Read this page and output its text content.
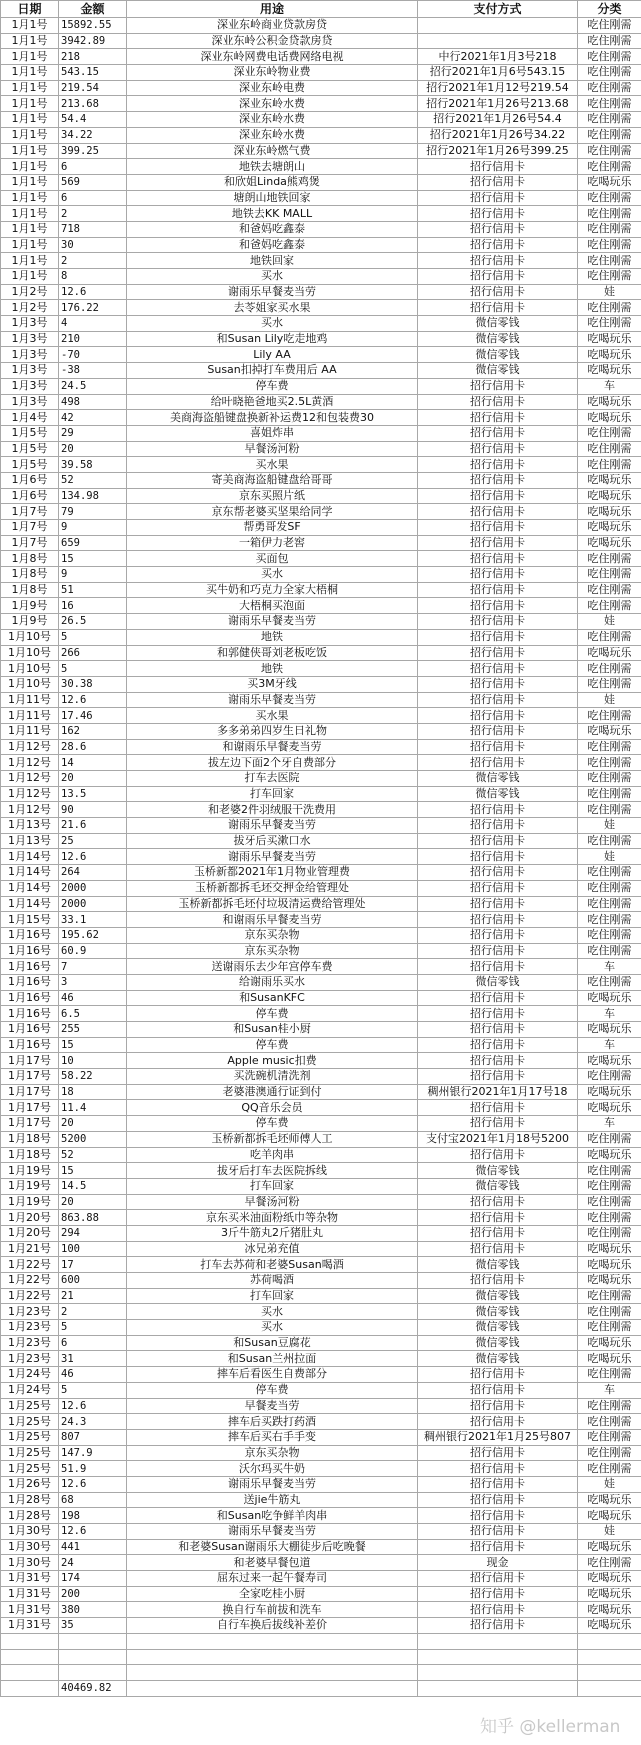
日期	金额	用途	支付方式	分类
1月1号	15892.55	深业东岭商业贷款房贷		吃住刚需
1月1号	3942.89	深业东岭公积金贷款房贷		吃住刚需
1月1号	218	深业东岭网费电话费网络电视	中行2021年1月3号218	吃住刚需
1月1号	543.15	深业东岭物业费	招行2021年1月6号543.15	吃住刚需
1月1号	219.54	深业东岭电费	招行2021年1月12号219.54	吃住刚需
1月1号	213.68	深业东岭水费	招行2021年1月26号213.68	吃住刚需
1月1号	54.4	深业东岭水费	招行2021年1月26号54.4	吃住刚需
1月1号	34.22	深业东岭水费	招行2021年1月26号34.22	吃住刚需
1月1号	399.25	深业东岭燃气费	招行2021年1月26号399.25	吃住刚需
1月1号	6	地铁去塘朗山	招行信用卡	吃住刚需
1月1号	569	和欣姐Linda熊鸡煲	招行信用卡	吃喝玩乐
1月1号	6	塘朗山地铁回家	招行信用卡	吃住刚需
1月1号	2	地铁去KK MALL	招行信用卡	吃住刚需
1月1号	718	和爸妈吃鑫泰	招行信用卡	吃住刚需
1月1号	30	和爸妈吃鑫泰	招行信用卡	吃住刚需
1月1号	2	地铁回家	招行信用卡	吃住刚需
1月1号	8	买水	招行信用卡	吃住刚需
1月2号	12.6	谢雨乐早餐麦当劳	招行信用卡	娃
1月2号	176.22	去苓姐家买水果	招行信用卡	吃住刚需
1月3号	4	买水	微信零钱	吃住刚需
1月3号	210	和Susan Lily吃走地鸡	微信零钱	吃喝玩乐
1月3号	-70	Lily AA	微信零钱	吃喝玩乐
1月3号	-38	Susan扣掉打车费用后 AA	微信零钱	吃喝玩乐
1月3号	24.5	停车费	招行信用卡	车
1月3号	498	给叶晓艳爸地买2.5L黄酒	招行信用卡	吃喝玩乐
1月4号	42	美商海盗船键盘换新补运费12和包装费30	招行信用卡	吃喝玩乐
1月5号	29	喜姐炸串	招行信用卡	吃住刚需
1月5号	20	早餐汤河粉	招行信用卡	吃住刚需
1月5号	39.58	买水果	招行信用卡	吃住刚需
1月6号	52	寄美商海盗船键盘给哥哥	招行信用卡	吃喝玩乐
1月6号	134.98	京东买照片纸	招行信用卡	吃喝玩乐
1月7号	79	京东帮老婆买坚果给同学	招行信用卡	吃喝玩乐
1月7号	9	帮勇哥发SF	招行信用卡	吃喝玩乐
1月7号	659	一箱伊力老窖	招行信用卡	吃喝玩乐
1月8号	15	买面包	招行信用卡	吃住刚需
1月8号	9	买水	招行信用卡	吃住刚需
1月8号	51	买牛奶和巧克力全家大梧桐	招行信用卡	吃住刚需
1月9号	16	大梧桐买泡面	招行信用卡	吃住刚需
1月9号	26.5	谢雨乐早餐麦当劳	招行信用卡	娃
1月10号	5	地铁	招行信用卡	吃住刚需
1月10号	266	和郭健侠哥刘老板吃饭	招行信用卡	吃喝玩乐
1月10号	5	地铁	招行信用卡	吃住刚需
1月10号	30.38	买3M牙线	招行信用卡	吃住刚需
1月11号	12.6	谢雨乐早餐麦当劳	招行信用卡	娃
1月11号	17.46	买水果	招行信用卡	吃住刚需
1月11号	162	多多弟弟四岁生日礼物	招行信用卡	吃喝玩乐
1月12号	28.6	和谢雨乐早餐麦当劳	招行信用卡	吃住刚需
1月12号	14	拔左边下面2个牙自费部分	招行信用卡	吃住刚需
1月12号	20	打车去医院	微信零钱	吃住刚需
1月12号	13.5	打车回家	微信零钱	吃住刚需
1月12号	90	和老婆2件羽绒服干洗费用	招行信用卡	吃住刚需
1月13号	21.6	谢雨乐早餐麦当劳	招行信用卡	娃
1月13号	25	拔牙后买漱口水	招行信用卡	吃住刚需
1月14号	12.6	谢雨乐早餐麦当劳	招行信用卡	娃
1月14号	264	玉桥新都2021年1月物业管理费	招行信用卡	吃住刚需
1月14号	2000	玉桥新都拆毛坯交押金给管理处	招行信用卡	吃住刚需
1月14号	2000	玉桥新都拆毛坯付垃圾清运费给管理处	招行信用卡	吃住刚需
1月15号	33.1	和谢雨乐早餐麦当劳	招行信用卡	吃住刚需
1月16号	195.62	京东买杂物	招行信用卡	吃住刚需
1月16号	60.9	京东买杂物	招行信用卡	吃住刚需
1月16号	7	送谢雨乐去少年宫停车费	招行信用卡	车
1月16号	3	给谢雨乐买水	微信零钱	吃住刚需
1月16号	46	和SusanKFC	招行信用卡	吃喝玩乐
1月16号	6.5	停车费	招行信用卡	车
1月16号	255	和Susan桂小厨	招行信用卡	吃喝玩乐
1月16号	15	停车费	招行信用卡	车
1月17号	10	Apple music扣费	招行信用卡	吃喝玩乐
1月17号	58.22	买洗碗机清洗剂	招行信用卡	吃住刚需
1月17号	18	老婆港澳通行证到付	稠州银行2021年1月17号18	吃喝玩乐
1月17号	11.4	QQ音乐会员	招行信用卡	吃喝玩乐
1月17号	20	停车费	招行信用卡	车
1月18号	5200	玉桥新都拆毛坯师傅人工	支付宝2021年1月18号5200	吃住刚需
1月18号	52	吃羊肉串	招行信用卡	吃喝玩乐
1月19号	15	拔牙后打车去医院拆线	微信零钱	吃住刚需
1月19号	14.5	打车回家	微信零钱	吃住刚需
1月19号	20	早餐汤河粉	招行信用卡	吃住刚需
1月20号	863.88	京东买米油面粉纸巾等杂物	招行信用卡	吃住刚需
1月20号	294	3斤牛筋丸2斤猪肚丸	招行信用卡	吃住刚需
1月21号	100	冰兄弟充值	招行信用卡	吃喝玩乐
1月22号	17	打车去苏荷和老婆Susan喝酒	微信零钱	吃喝玩乐
1月22号	600	苏荷喝酒	招行信用卡	吃喝玩乐
1月22号	21	打车回家	微信零钱	吃住刚需
1月23号	2	买水	微信零钱	吃住刚需
1月23号	5	买水	微信零钱	吃住刚需
1月23号	6	和Susan豆腐花	微信零钱	吃喝玩乐
1月23号	31	和Susan兰州拉面	微信零钱	吃喝玩乐
1月24号	46	摔车后看医生自费部分	招行信用卡	吃住刚需
1月24号	5	停车费	招行信用卡	车
1月25号	12.6	早餐麦当劳	招行信用卡	吃住刚需
1月25号	24.3	摔车后买跌打药酒	招行信用卡	吃住刚需
1月25号	807	摔车后买右手手变	稠州银行2021年1月25号807	吃住刚需
1月25号	147.9	京东买杂物	招行信用卡	吃住刚需
1月25号	51.9	沃尔玛买牛奶	招行信用卡	吃住刚需
1月26号	12.6	谢雨乐早餐麦当劳	招行信用卡	娃
1月28号	68	送jie牛筋丸	招行信用卡	吃喝玩乐
1月28号	198	和Susan吃争鲜羊肉串	招行信用卡	吃喝玩乐
1月30号	12.6	谢雨乐早餐麦当劳	招行信用卡	娃
1月30号	441	和老婆Susan谢雨乐大棚徒步后吃晚餐	招行信用卡	吃喝玩乐
1月30号	24	和老婆早餐包道	现金	吃住刚需
1月31号	174	屈东过来一起午餐寿司	招行信用卡	吃喝玩乐
1月31号	200	全家吃桂小厨	招行信用卡	吃喝玩乐
1月31号	380	换自行车前拔和洗车	招行信用卡	吃喝玩乐
1月31号	35	自行车换后拔线补差价	招行信用卡	吃喝玩乐

	40469.82			
知乎 @kellerman
